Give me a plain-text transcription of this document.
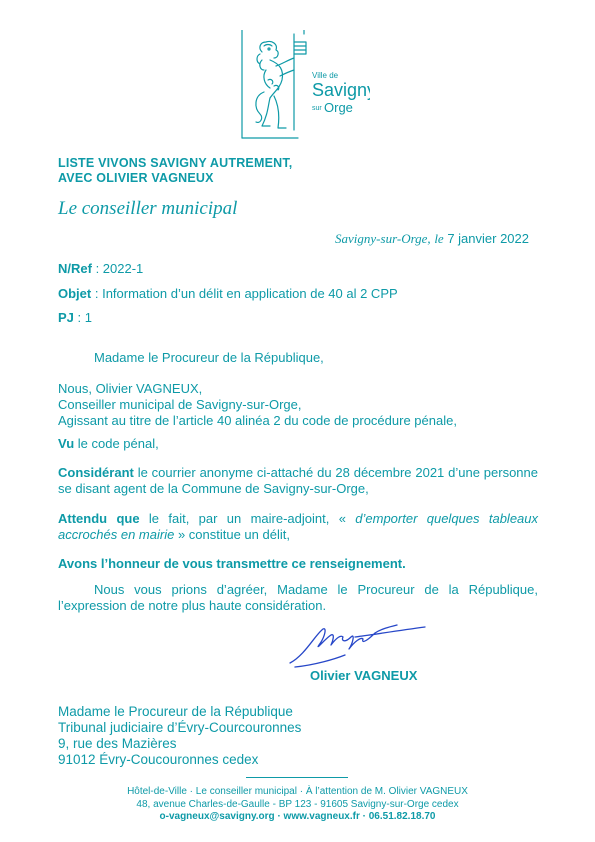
Ville de
Savigny
sur Orge
LISTE VIVONS SAVIGNY AUTREMENT,
AVEC OLIVIER VAGNEUX
Le conseiller municipal
Savigny-sur-Orge, le 7 janvier 2022
N/Ref : 2022-1
Objet : Information d’un délit en application de 40 al 2 CPP
PJ : 1
Madame le Procureur de la République,
Nous, Olivier VAGNEUX,
Conseiller municipal de Savigny-sur-Orge,
Agissant au titre de l’article 40 alinéa 2 du code de procédure pénale,
Vu le code pénal,
Considérant le courrier anonyme ci-attaché du 28 décembre 2021 d’une personne se disant agent de la Commune de Savigny-sur-Orge,
Attendu que le fait, par un maire-adjoint, « d’emporter quelques tableaux accrochés en mairie » constitue un délit,
Avons l’honneur de vous transmettre ce renseignement.
Nous vous prions d’agréer, Madame le Procureur de la République, l’expression de notre plus haute considération.
Olivier VAGNEUX
Madame le Procureur de la République
Tribunal judiciaire d’Évry-Courcouronnes
9, rue des Mazières
91012 Évry-Coucouronnes cedex
Hôtel-de-Ville · Le conseiller municipal · À l’attention de M. Olivier VAGNEUX
48, avenue Charles-de-Gaulle - BP 123 - 91605 Savigny-sur-Orge cedex
o-vagneux@savigny.org · www.vagneux.fr · 06.51.82.18.70
